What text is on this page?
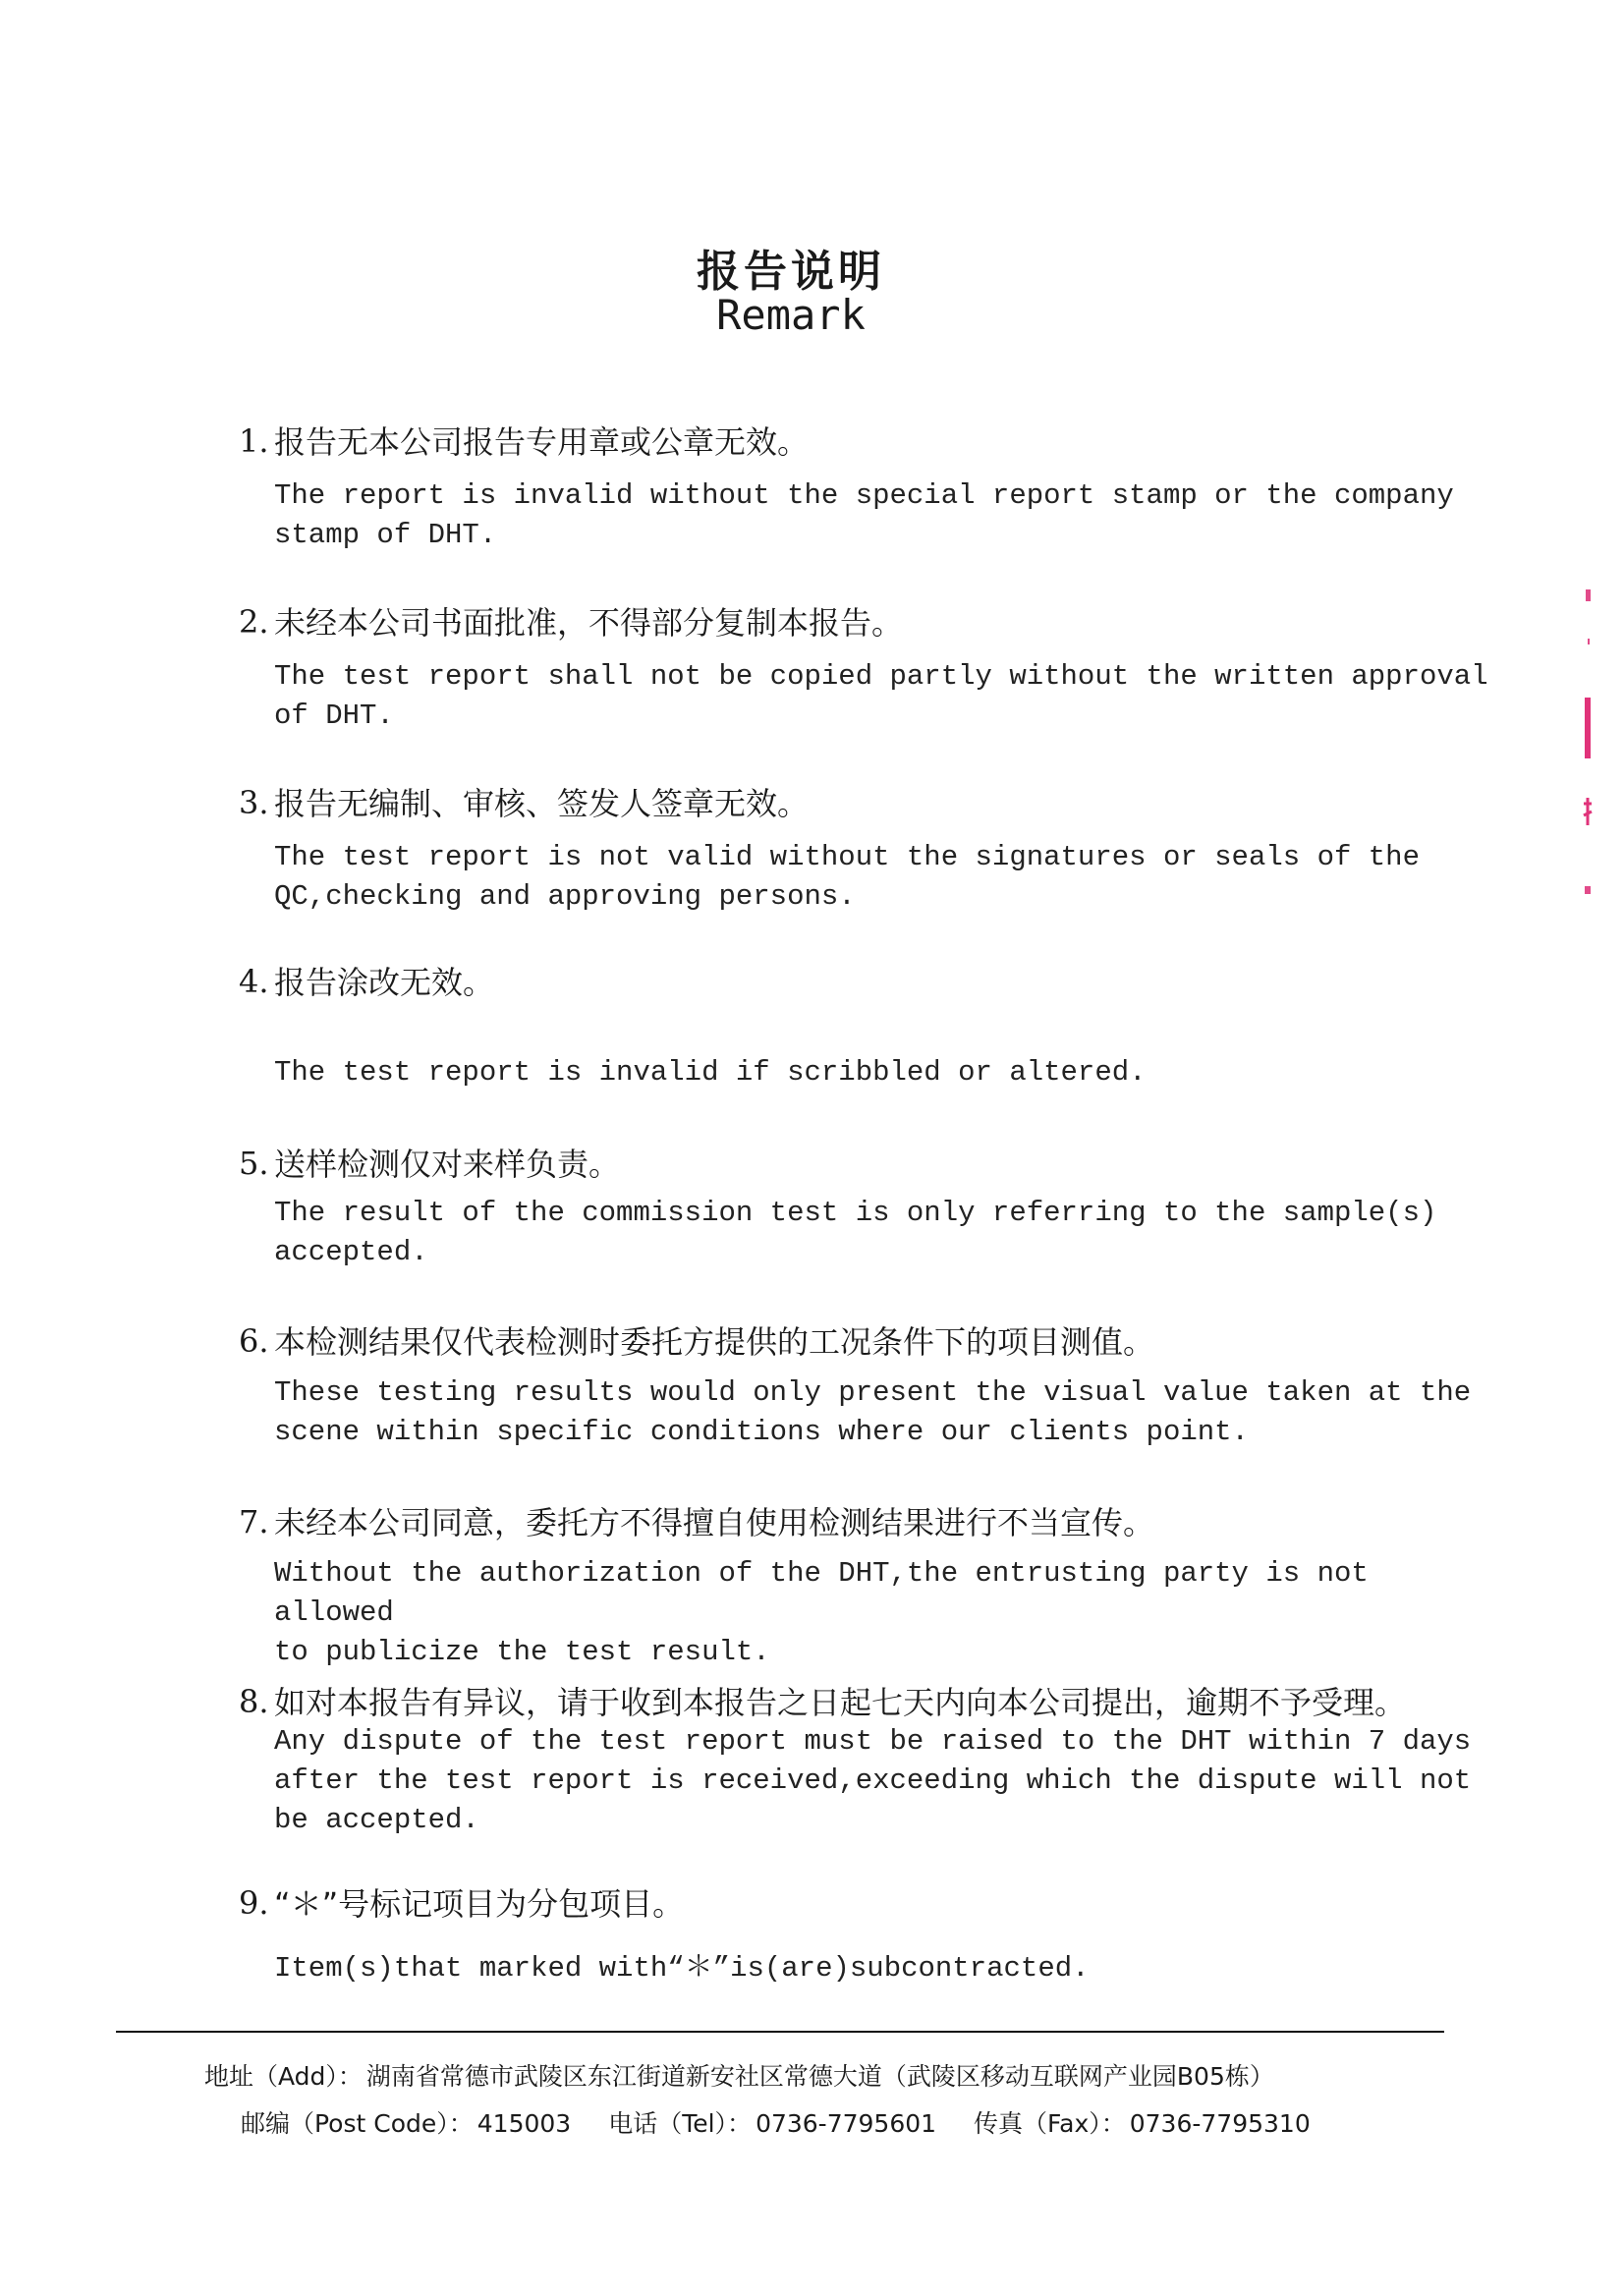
报告说明
Remark
1. 报告无本公司报告专用章或公章无效。
The report is invalid without the special report stamp or the company
stamp of DHT.
2. 未经本公司书面批准，不得部分复制本报告。
The test report shall not be copied partly without the written approval
of DHT.
3. 报告无编制、审核、签发人签章无效。
The test report is not valid without the signatures or seals of the
QC,checking and approving persons.
4. 报告涂改无效。
The test report is invalid if scribbled or altered.
5. 送样检测仅对来样负责。
The result of the commission test is only referring to the sample(s)
accepted.
6. 本检测结果仅代表检测时委托方提供的工况条件下的项目测值。
These testing results would only present the visual value taken at the
scene within specific conditions where our clients point.
7. 未经本公司同意，委托方不得擅自使用检测结果进行不当宣传。
Without the authorization of the DHT,the entrusting party is not allowed
to publicize the test result.
8. 如对本报告有异议，请于收到本报告之日起七天内向本公司提出，逾期不予受理。
Any dispute of the test report must be raised to the DHT within 7 days
after the test report is received,exceeding which the dispute will not
be accepted.
9. “＊”号标记项目为分包项目。
Item(s)that marked with“＊”is(are)subcontracted.
地址（Add）： 湖南省常德市武陵区东江街道新安社区常德大道（武陵区移动互联网产业园B05栋）
邮编（Post Code）： 415003 电话（Tel）： 0736-7795601 传真（Fax）： 0736-7795310
